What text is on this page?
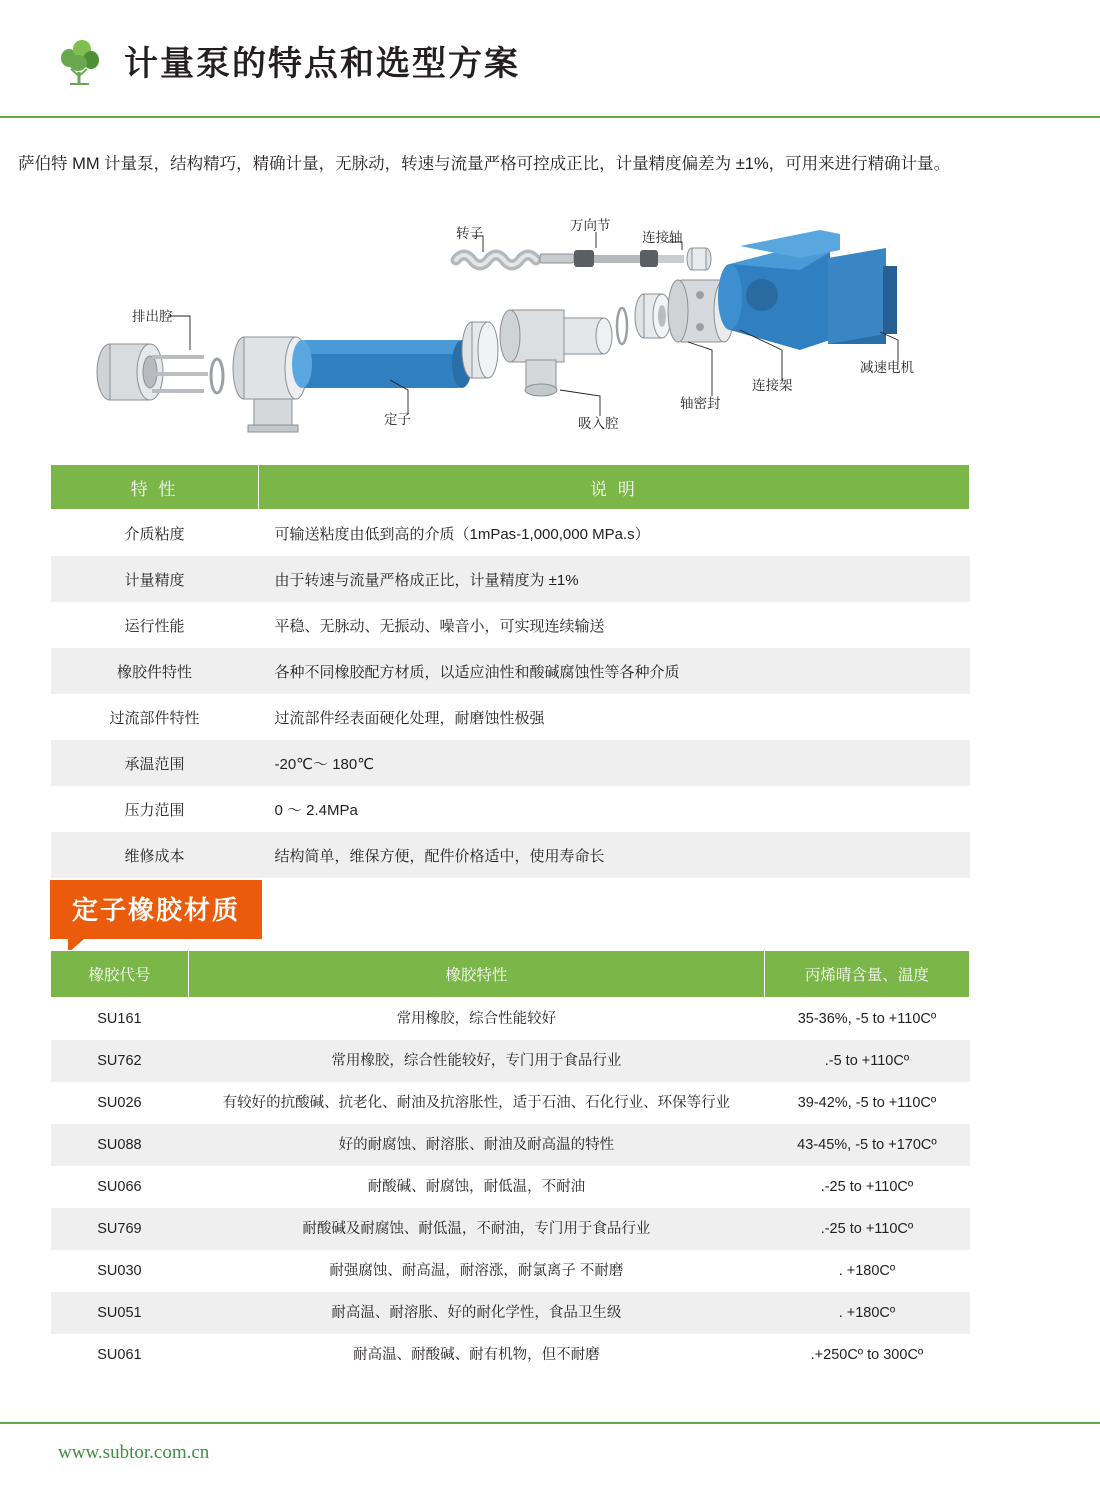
计量泵的特点和选型方案
萨伯特 MM 计量泵，结构精巧，精确计量，无脉动，转速与流量严格可控成正比，计量精度偏差为 ±1%，可用来进行精确计量。
转子
万向节
连接轴
排出腔
定子	吸入腔
轴密封
连接架
减速电机
特 性	说 明
介质粘度	可输送粘度由低到高的介质（1mPas-1,000,000 MPa.s）
计量精度	由于转速与流量严格成正比，计量精度为 ±1%
运行性能	平稳、无脉动、无振动、噪音小，可实现连续输送
橡胶件特性	各种不同橡胶配方材质，以适应油性和酸碱腐蚀性等各种介质
过流部件特性	过流部件经表面硬化处理，耐磨蚀性极强
承温范围	-20℃～ 180℃
压力范围	0 ～ 2.4MPa
维修成本	结构简单，维保方便，配件价格适中，使用寿命长
定子橡胶材质
橡胶代号	橡胶特性	丙烯晴含量、温度
SU161	常用橡胶，综合性能较好	35-36%, -5 to +110Cº
SU762	常用橡胶，综合性能较好，专门用于食品行业	.-5 to +110Cº
SU026	有较好的抗酸碱、抗老化、耐油及抗溶胀性，适于石油、石化行业、环保等行业	39-42%, -5 to +110Cº
SU088	好的耐腐蚀、耐溶胀、耐油及耐高温的特性	43-45%, -5 to +170Cº
SU066	耐酸碱、耐腐蚀，耐低温，不耐油	.-25 to +110Cº
SU769	耐酸碱及耐腐蚀、耐低温，不耐油，专门用于食品行业	.-25 to +110Cº
SU030	耐强腐蚀、耐高温，耐溶涨，耐氯离子 不耐磨	. +180Cº
SU051	耐高温、耐溶胀、好的耐化学性，食品卫生级	. +180Cº
SU061	耐高温、耐酸碱、耐有机物，但不耐磨	.+250Cº to 300Cº
www.subtor.com.cn
